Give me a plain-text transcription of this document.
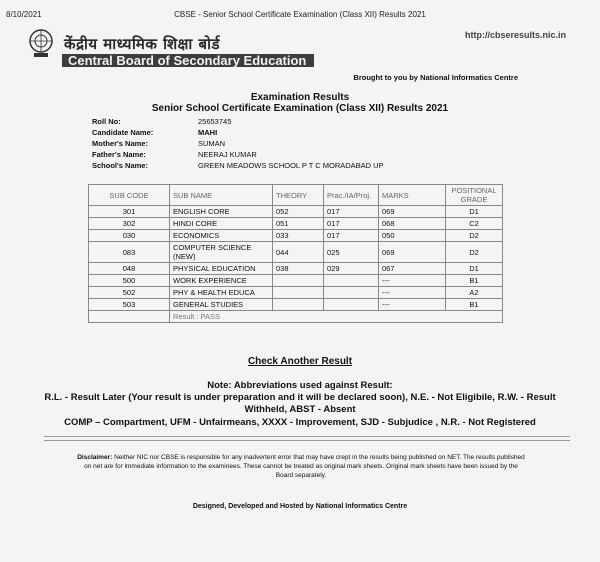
8/10/2021	CBSE - Senior School Certificate Examination (Class XII) Results 2021
केंद्रीय माध्यमिक शिक्षा बोर्ड
Central Board of Secondary Education
http://cbseresults.nic.in
Brought to you by National Informatics Centre
Examination Results
Senior School Certificate Examination (Class XII) Results 2021
Roll No:	25653745
Candidate Name:	MAHI
Mother's Name:	SUMAN
Father's Name:	NEERAJ KUMAR
School's Name:	GREEN MEADOWS SCHOOL P T C MORADABAD UP
SUB CODE	SUB NAME	THEORY	Prac./IA/Proj.	MARKS	POSITIONAL GRADE
301	ENGLISH CORE	052	017	069	D1
302	HINDI CORE	051	017	068	C2
030	ECONOMICS	033	017	050	D2
083	COMPUTER SCIENCE (NEW)	044	025	069	D2
048	PHYSICAL EDUCATION	038	029	067	D1
500	WORK EXPERIENCE			---	B1
502	PHY & HEALTH EDUCA			---	A2
503	GENERAL STUDIES			---	B1
	Result : PASS				
Check Another Result
Note: Abbreviations used against Result:
R.L. - Result Later (Your result is under preparation and it will be declared soon), N.E. - Not Eligibile, R.W. - Result Withheld, ABST - Absent
COMP – Compartment, UFM - Unfairmeans, XXXX - Improvement, SJD - Subjudice , N.R. - Not Registered
Disclaimer: Neither NIC nor CBSE is responsible for any inadvertent error that may have crept in the results being published on NET. The results published on net are for immediate information to the examinees. These cannot be treated as original mark sheets. Original mark sheets have been issued by the Board separately.
Designed, Developed and Hosted by National Informatics Centre
